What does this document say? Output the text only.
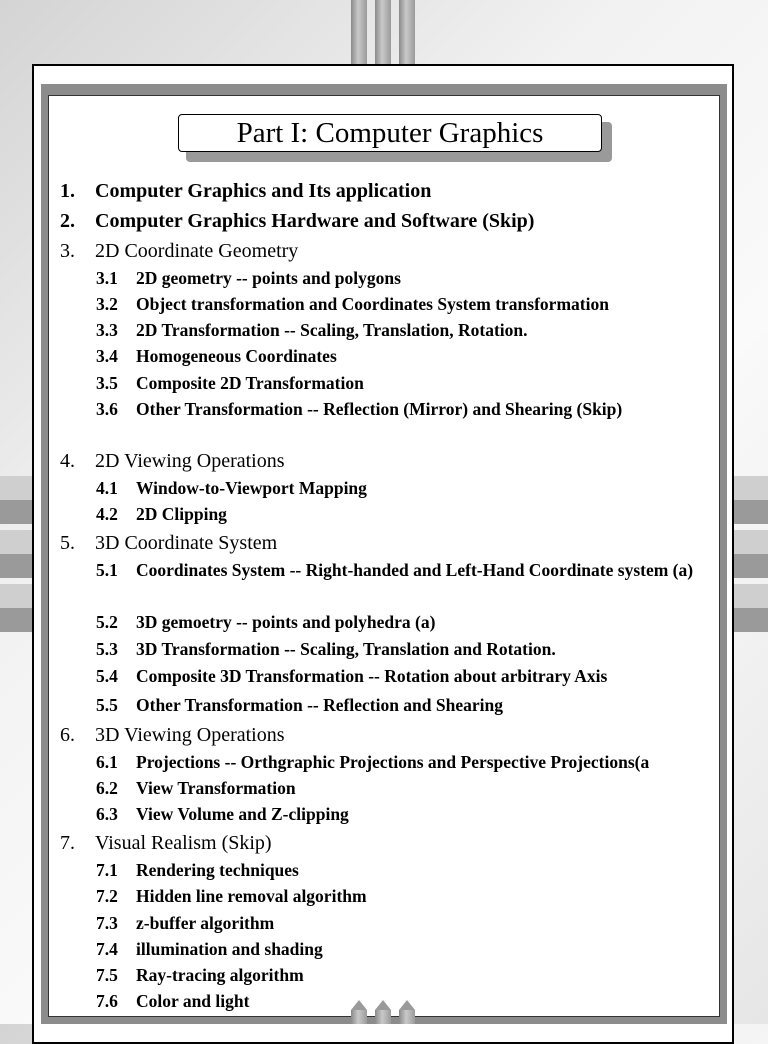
Part I: Computer Graphics
1. Computer Graphics and Its application
2. Computer Graphics Hardware and Software (Skip)
3. 2D Coordinate Geometry
3.1 2D geometry -- points and polygons
3.2 Object transformation and Coordinates System transformation
3.3 2D Transformation -- Scaling, Translation, Rotation.
3.4 Homogeneous Coordinates
3.5 Composite 2D Transformation
3.6 Other Transformation -- Reflection (Mirror) and Shearing (Skip)
4. 2D Viewing Operations
4.1 Window-to-Viewport Mapping
4.2 2D Clipping
5. 3D Coordinate System
5.1 Coordinates System -- Right-handed and Left-Hand Coordinate system (a)
5.2 3D gemoetry -- points and polyhedra (a)
5.3 3D Transformation -- Scaling, Translation and Rotation.
5.4 Composite 3D Transformation -- Rotation about arbitrary Axis
5.5 Other Transformation -- Reflection and Shearing
6. 3D Viewing Operations
6.1 Projections -- Orthgraphic Projections and Perspective Projections(a
6.2 View Transformation
6.3 View Volume and Z-clipping
7. Visual Realism (Skip)
7.1 Rendering techniques
7.2 Hidden line removal algorithm
7.3 z-buffer algorithm
7.4 illumination and shading
7.5 Ray-tracing algorithm
7.6 Color and light
